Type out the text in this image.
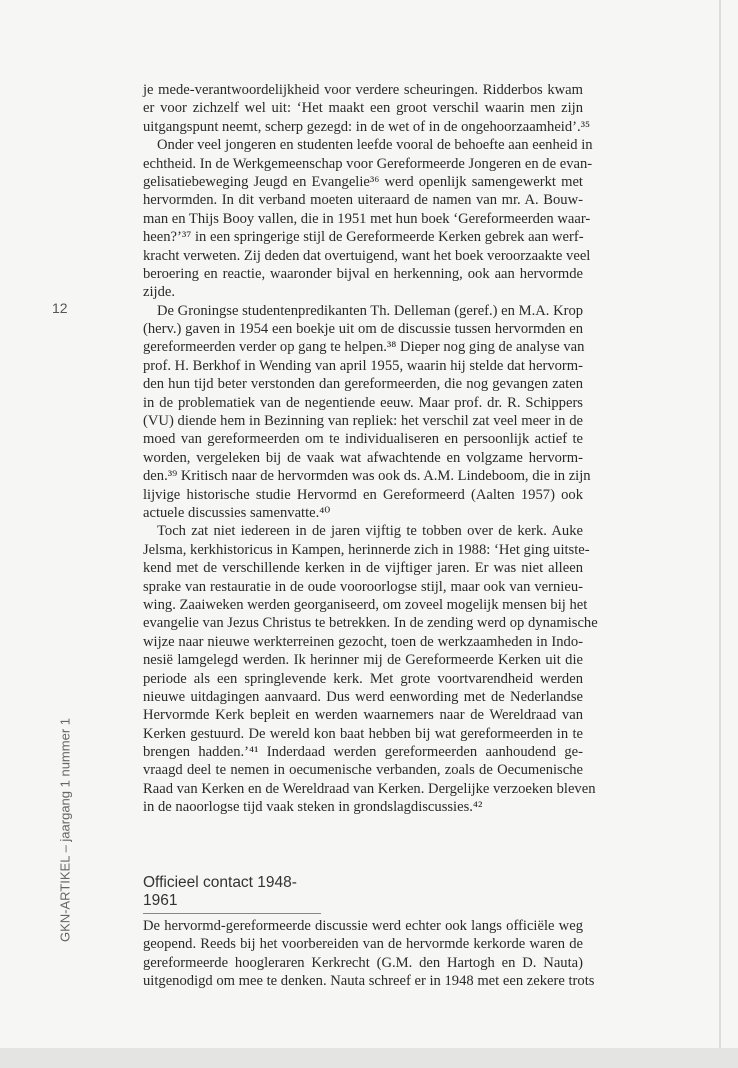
12
GKN-ARTIKEL – jaargang 1 nummer 1
je mede-verantwoordelijkheid voor verdere scheuringen. Ridderbos kwam
er voor zichzelf wel uit: ‘Het maakt een groot verschil waarin men zijn
uitgangspunt neemt, scherp gezegd: in de wet of in de ongehoorzaamheid’.³⁵
Onder veel jongeren en studenten leefde vooral de behoefte aan eenheid in
echtheid. In de Werkgemeenschap voor Gereformeerde Jongeren en de evan-
gelisatiebeweging Jeugd en Evangelie³⁶ werd openlijk samengewerkt met
hervormden. In dit verband moeten uiteraard de namen van mr. A. Bouw-
man en Thijs Booy vallen, die in 1951 met hun boek ‘Gereformeerden waar-
heen?’³⁷ in een springerige stijl de Gereformeerde Kerken gebrek aan werf-
kracht verweten. Zij deden dat overtuigend, want het boek veroorzaakte veel
beroering en reactie, waaronder bijval en herkenning, ook aan hervormde
zijde.
De Groningse studentenpredikanten Th. Delleman (geref.) en M.A. Krop
(herv.) gaven in 1954 een boekje uit om de discussie tussen hervormden en
gereformeerden verder op gang te helpen.³⁸ Dieper nog ging de analyse van
prof. H. Berkhof in Wending van april 1955, waarin hij stelde dat hervorm-
den hun tijd beter verstonden dan gereformeerden, die nog gevangen zaten
in de problematiek van de negentiende eeuw. Maar prof. dr. R. Schippers
(VU) diende hem in Bezinning van repliek: het verschil zat veel meer in de
moed van gereformeerden om te individualiseren en persoonlijk actief te
worden, vergeleken bij de vaak wat afwachtende en volgzame hervorm-
den.³⁹ Kritisch naar de hervormden was ook ds. A.M. Lindeboom, die in zijn
lijvige historische studie Hervormd en Gereformeerd (Aalten 1957) ook
actuele discussies samenvatte.⁴⁰
Toch zat niet iedereen in de jaren vijftig te tobben over de kerk. Auke
Jelsma, kerkhistoricus in Kampen, herinnerde zich in 1988: ‘Het ging uitste-
kend met de verschillende kerken in de vijftiger jaren. Er was niet alleen
sprake van restauratie in de oude vooroorlogse stijl, maar ook van vernieu-
wing. Zaaiweken werden georganiseerd, om zoveel mogelijk mensen bij het
evangelie van Jezus Christus te betrekken. In de zending werd op dynamische
wijze naar nieuwe werkterreinen gezocht, toen de werkzaamheden in Indo-
nesië lamgelegd werden. Ik herinner mij de Gereformeerde Kerken uit die
periode als een springlevende kerk. Met grote voortvarendheid werden
nieuwe uitdagingen aanvaard. Dus werd eenwording met de Nederlandse
Hervormde Kerk bepleit en werden waarnemers naar de Wereldraad van
Kerken gestuurd. De wereld kon baat hebben bij wat gereformeerden in te
brengen hadden.’⁴¹ Inderdaad werden gereformeerden aanhoudend ge-
vraagd deel te nemen in oecumenische verbanden, zoals de Oecumenische
Raad van Kerken en de Wereldraad van Kerken. Dergelijke verzoeken bleven
in de naoorlogse tijd vaak steken in grondslagdiscussies.⁴²
Officieel contact 1948-1961
De hervormd-gereformeerde discussie werd echter ook langs officiële weg
geopend. Reeds bij het voorbereiden van de hervormde kerkorde waren de
gereformeerde hoogleraren Kerkrecht (G.M. den Hartogh en D. Nauta)
uitgenodigd om mee te denken. Nauta schreef er in 1948 met een zekere trots
